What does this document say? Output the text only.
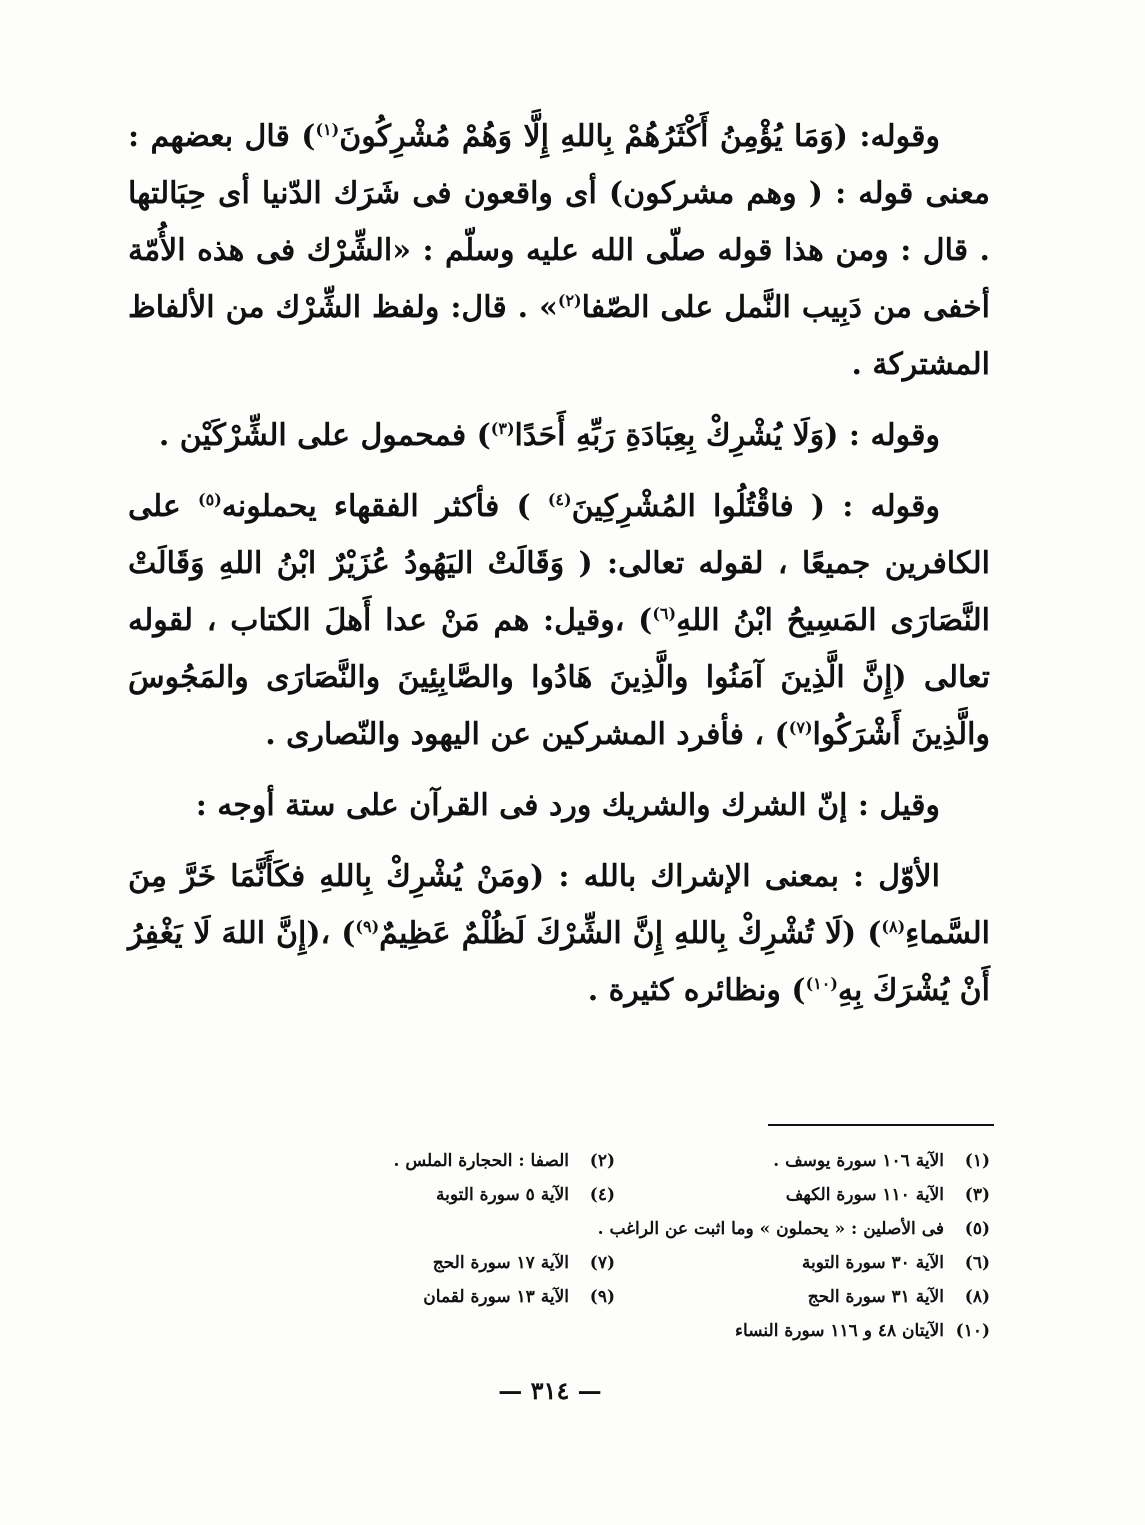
وقوله: (وَمَا يُؤْمِنُ أَكْثَرُهُمْ بِاللهِ إِلَّا وَهُمْ مُشْرِكُونَ$^{(١)}$) قال بعضهم : معنى قوله : ( وهم مشركون) أى واقعون فى شَرَك الدّنيا أى حِبَالتها . قال : ومن هذا قوله صلّى الله عليه وسلّم : «الشِّرْك فى هذه الأُمّة أخفى من دَبِيب النَّمل على الصّفا$^{(٢)}$» . قال: ولفظ الشِّرْك من الألفاظ المشتركة .

وقوله : (وَلَا يُشْرِكْ بِعِبَادَةِ رَبِّهِ أَحَدًا$^{(٣)}$) فمحمول على الشِّرْكَيْن .

وقوله : ( فاقْتُلُوا المُشْرِكِينَ$^{(٤)}$ ) فأكثر الفقهاء يحملونه$^{(٥)}$ على الكافرين جميعًا ، لقوله تعالى: ( وَقَالَتْ اليَهُودُ عُزَيْرٌ ابْنُ اللهِ وَقَالَتْ النَّصَارَى المَسِيحُ ابْنُ اللهِ$^{(٦)}$) ،وقيل: هم مَنْ عدا أَهلَ الكتاب ، لقوله تعالى (إِنَّ الَّذِينَ آمَنُوا والَّذِينَ هَادُوا والصَّابِئِينَ والنَّصَارَى والمَجُوسَ والَّذِينَ أَشْرَكُوا$^{(٧)}$) ، فأفرد المشركين عن اليهود والنّصارى .

وقيل : إنّ الشرك والشريك ورد فى القرآن على ستة أوجه :

الأوّل : بمعنى الإشراك بالله : (ومَنْ يُشْرِكْ بِاللهِ فكَأَنَّمَا خَرَّ مِنَ السَّماءِ$^{(٨)}$) (لَا تُشْرِكْ بِاللهِ إِنَّ الشِّرْكَ لَظُلْمٌ عَظِيمٌ$^{(٩)}$) ،(إِنَّ اللهَ لَا يَغْفِرُ أَنْ يُشْرَكَ بِهِ$^{(١٠)}$) ونظائره كثيرة .

(١)
الآية ١٠٦ سورة يوسف .
(٢)
الصفا : الحجارة الملس .
(٣)
الآية ١١٠ سورة الكهف
(٤)
الآية ٥ سورة التوبة
(٥)
فى الأصلين : « يحملون » وما اثبت عن الراغب .
(٦)
الآية ٣٠ سورة التوبة
(٧)
الآية ١٧ سورة الحج
(٨)
الآية ٣١ سورة الحج
(٩)
الآية ١٣ سورة لقمان
(١٠)
الآيتان ٤٨ و ١١٦ سورة النساء
— ٣١٤ —
